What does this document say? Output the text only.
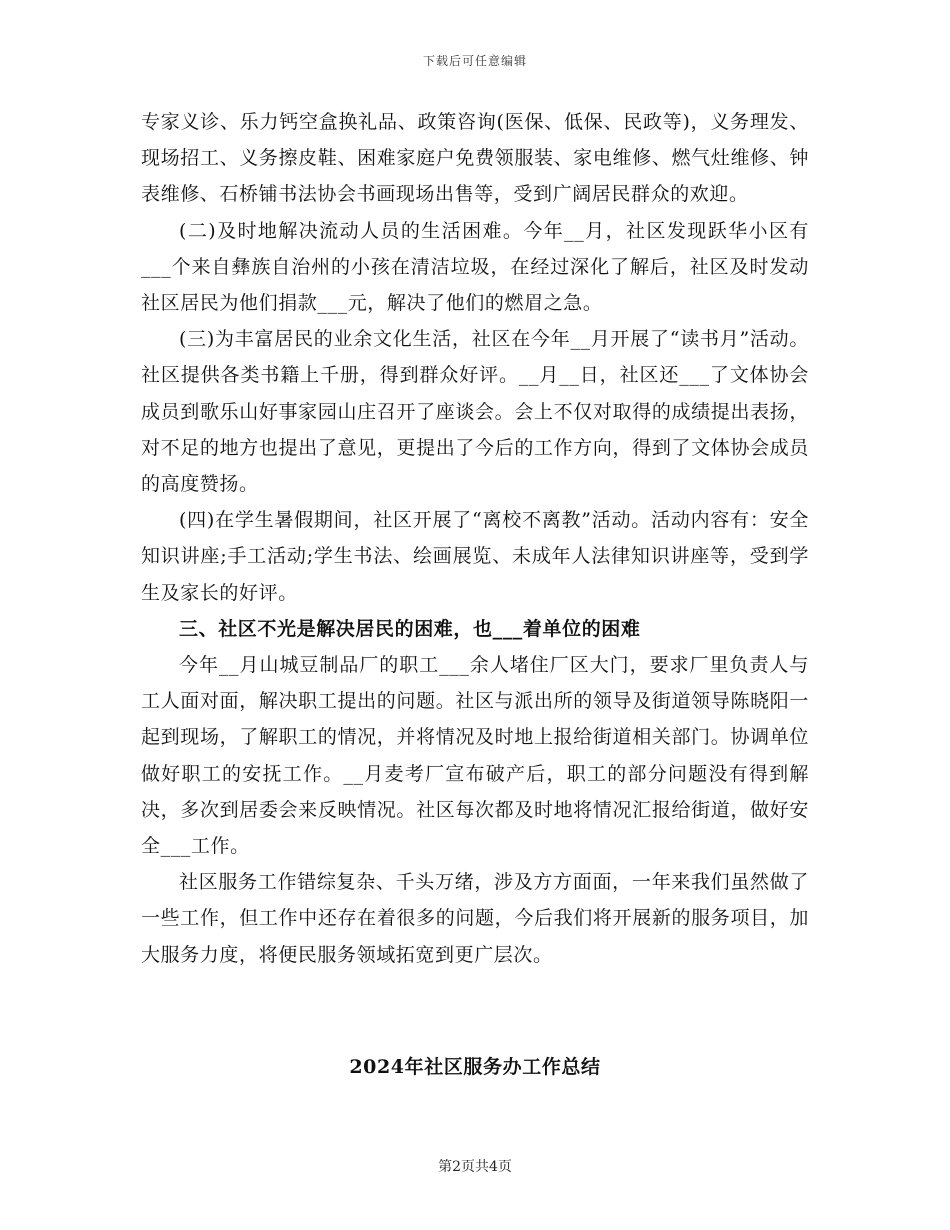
下载后可任意编辑

专家义诊、乐力钙空盒换礼品、政策咨询(医保、低保、民政等)，义务理发、现场招工、义务擦皮鞋、困难家庭户免费领服装、家电维修、燃气灶维修、钟表维修、石桥铺书法协会书画现场出售等，受到广阔居民群众的欢迎。

(二)及时地解决流动人员的生活困难。今年__月，社区发现跃华小区有___个来自彝族自治州的小孩在清洁垃圾，在经过深化了解后，社区及时发动社区居民为他们捐款___元，解决了他们的燃眉之急。

(三)为丰富居民的业余文化生活，社区在今年__月开展了“读书月”活动。社区提供各类书籍上千册，得到群众好评。__月__日，社区还___了文体协会成员到歌乐山好事家园山庄召开了座谈会。会上不仅对取得的成绩提出表扬，对不足的地方也提出了意见，更提出了今后的工作方向，得到了文体协会成员的高度赞扬。

(四)在学生暑假期间，社区开展了“离校不离教”活动。活动内容有：安全知识讲座;手工活动;学生书法、绘画展览、未成年人法律知识讲座等，受到学生及家长的好评。

三、社区不光是解决居民的困难，也___着单位的困难

今年__月山城豆制品厂的职工___余人堵住厂区大门，要求厂里负责人与工人面对面，解决职工提出的问题。社区与派出所的领导及街道领导陈晓阳一起到现场，了解职工的情况，并将情况及时地上报给街道相关部门。协调单位做好职工的安抚工作。__月麦考厂宣布破产后，职工的部分问题没有得到解决，多次到居委会来反映情况。社区每次都及时地将情况汇报给街道，做好安全___工作。

社区服务工作错综复杂、千头万绪，涉及方方面面，一年来我们虽然做了一些工作，但工作中还存在着很多的问题，今后我们将开展新的服务项目，加大服务力度，将便民服务领域拓宽到更广层次。

2024年社区服务办工作总结
第2页共4页
